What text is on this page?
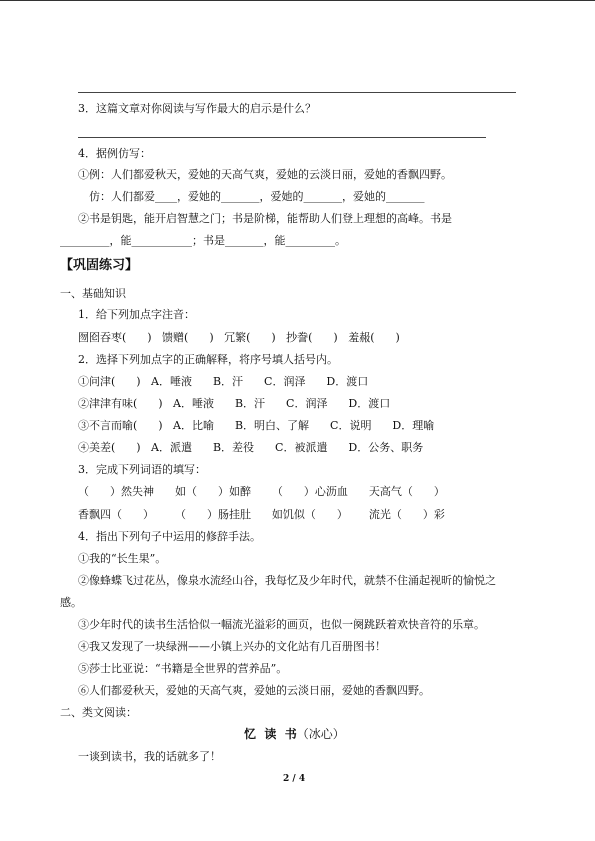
3．这篇文章对你阅读与写作最大的启示是什么？
4．据例仿写：
①例：人们都爱秋天，爱她的天高气爽，爱她的云淡日丽，爱她的香飘四野。
仿：人们都爱____，爱她的_______，爱她的_______，爱她的_______
②书是钥匙，能开启智慧之门；书是阶梯，能帮助人们登上理想的高峰。书是
_________，能___________；书是_______，能_________。
【巩固练习】
一、基础知识
1．给下列加点字注音：
囫囵吞枣(      )   馈赠(      )   冗繁(      )   抄誊(      )   羞赧(      )
2．选择下列加点字的正确解释，将序号填人括号内。
①问津(      )   A．唾液      B．汗      C．润泽      D．渡口
②津津有味(      )   A．唾液      B．汗      C．润泽      D．渡口
③不言而喻(      )   A．比喻      B．明白、了解      C．说明      D．理喻
④美差(      )   A．派遣      B．差役      C．被派遣      D．公务、职务
3．完成下列词语的填写：
（      ）然失神      如（      ）如醉      （      ）心沥血      天高气（      ）
香飘四（      ）      （      ）肠挂肚      如饥似（      ）      流光（      ）彩
4．指出下列句子中运用的修辞手法。
①我的“长生果”。
②像蜂蝶飞过花丛，像泉水流经山谷，我每忆及少年时代，就禁不住涌起视昕的愉悦之
感。
③少年时代的读书生活恰似一幅流光溢彩的画页，也似一阕跳跃着欢快音符的乐章。
④我又发现了一块绿洲——小镇上兴办的文化站有几百册图书！
⑤莎士比亚说：“书籍是全世界的营养品”。
⑥人们都爱秋天，爱她的天高气爽，爱她的云淡日丽，爱她的香飘四野。
二、类文阅读：
忆  读  书（冰心）
一谈到读书，我的话就多了！
2 / 4
